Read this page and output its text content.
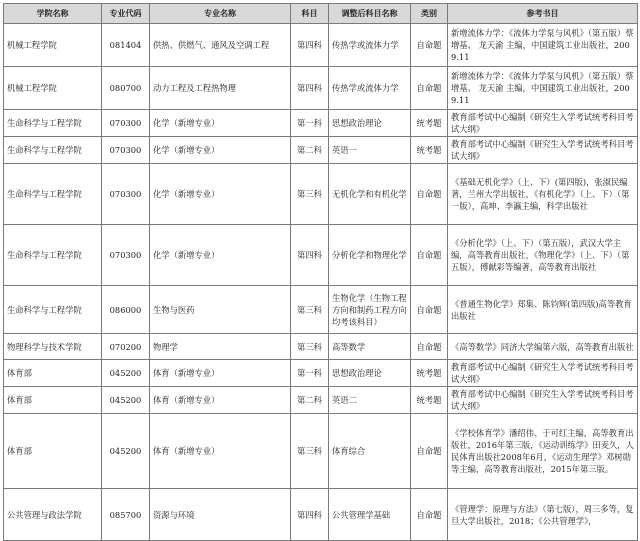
学院名称	专业代码	专业名称	科目	调整后科目名称	类别	参考书目
机械工程学院	081404	供热、供燃气、通风及空调工程	第四科	传热学或流体力学	自命题	新增流体力学：《流体力学泵与风机》（第五版）蔡增基、 龙天渝 主编，中国建筑工业出版社，2009.11
机械工程学院	080700	动力工程及工程热物理	第四科	传热学或流体力学	自命题	新增流体力学：《流体力学泵与风机》（第五版）蔡增基、 龙天渝 主编，中国建筑工业出版社，2009.11
生命科学与工程学院	070300	化学（新增专业）	第一科	思想政治理论	统考题	教育部考试中心编制《研究生入学考试统考科目考试大纲》
生命科学与工程学院	070300	化学（新增专业）	第二科	英语一	统考题	教育部考试中心编制《研究生入学考试统考科目考试大纲》
生命科学与工程学院	070300	化学（新增专业）	第三科	无机化学和有机化学	自命题	《基础无机化学》（上、下）(第四版)，张淑民编著，兰州大学出版社，《有机化学》（上、下）（第一版），高坤、李瀛主编，科学出版社
生命科学与工程学院	070300	化学（新增专业）	第四科	分析化学和物理化学	自命题	《分析化学》（上、下）（第五版），武汉大学主编，高等教育出版社，《物理化学》（上、下）（第五版），傅献彩等编著，高等教育出版社
生命科学与工程学院	086000	生物与医药	第三科	生物化学（生物工程方向和制药工程方向均考该科目）	自命题	《普通生物化学》郑集、陈钧辉(第四版)高等教育出版社
物理科学与技术学院	070200	物理学	第三科	高等数学	自命题	《高等数学》同济大学编第六版，高等教育出版社
体育部	045200	体育（新增专业）	第一科	思想政治理论	统考题	教育部考试中心编制《研究生入学考试统考科目考试大纲》
体育部	045200	体育（新增专业）	第二科	英语二	统考题	教育部考试中心编制《研究生入学考试统考科目考试大纲》
体育部	045200	体育（新增专业）	第三科	体育综合	自命题	《学校体育学》潘绍伟、于可红主编，高等教育出版社，2016年第三版，《运动训练学》田麦久，人民体育出版社2008年6月，《运动生理学》邓树勋等主编，高等教育出版社，2015年第三版。
公共管理与政法学院	085700	资源与环境	第四科	公共管理学基础	自命题	《管理学：原理与方法》（第七版），周三多等，复旦大学出版社，2018；《公共管理学》，
